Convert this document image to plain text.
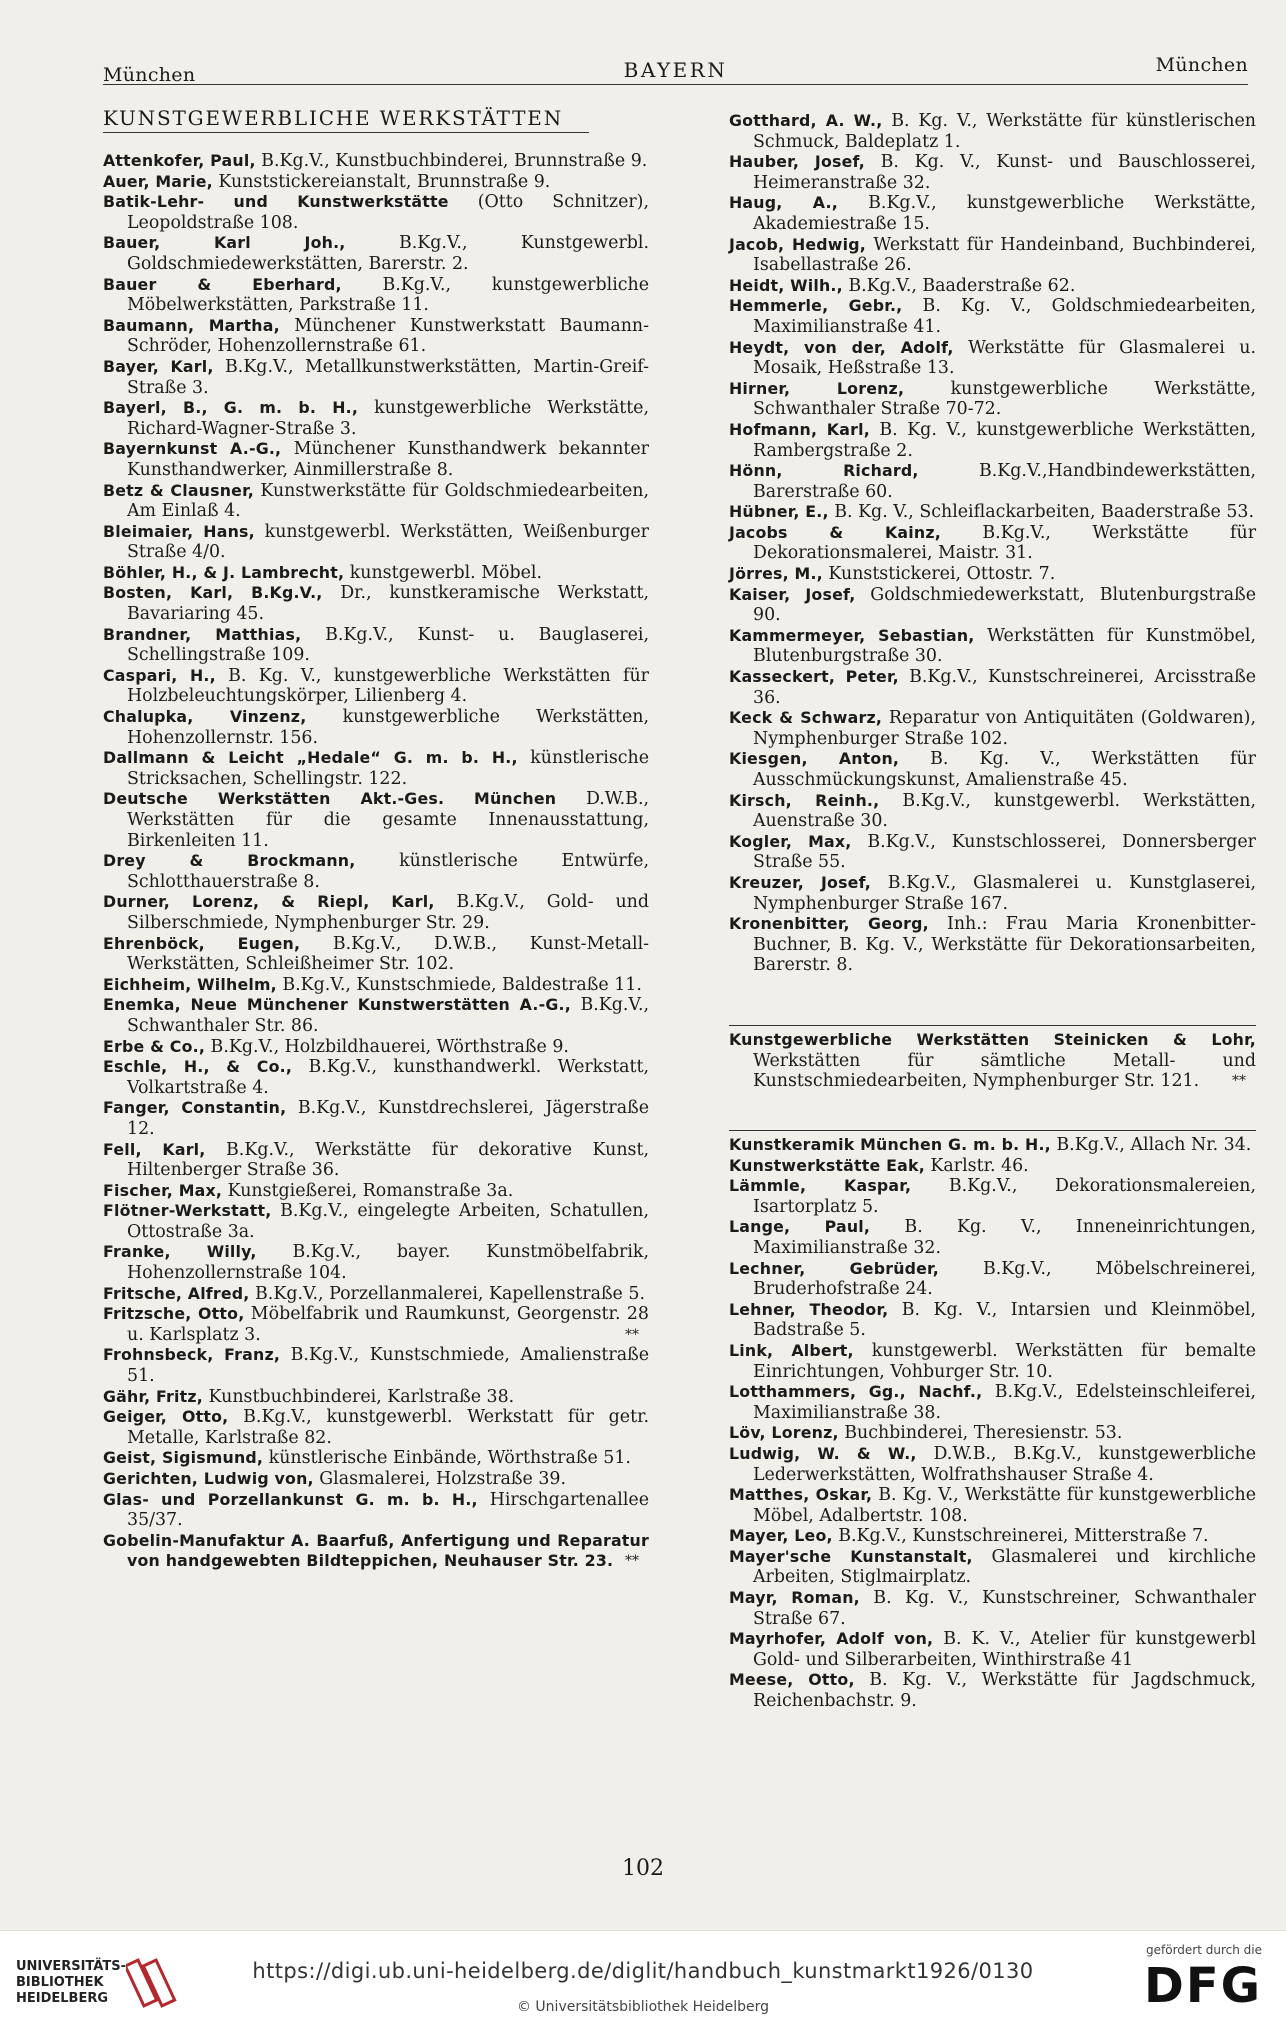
München	BAYERN	München
KUNSTGEWERBLICHE WERKSTÄTTEN
Attenkofer, Paul, B.Kg.V., Kunstbuchbinderei, Brunnstraße 9.
Auer, Marie, Kunststickereianstalt, Brunnstraße 9.
Batik-Lehr- und Kunstwerkstätte (Otto Schnitzer), Leopoldstraße 108.
Bauer, Karl Joh., B.Kg.V., Kunstgewerbl. Goldschmiedewerkstätten, Barerstr. 2.
Bauer & Eberhard, B.Kg.V., kunstgewerbliche Möbelwerkstätten, Parkstraße 11.
Baumann, Martha, Münchener Kunstwerkstatt Baumann-Schröder, Hohenzollernstraße 61.
Bayer, Karl, B.Kg.V., Metallkunstwerkstätten, Martin-Greif-Straße 3.
Bayerl, B., G. m. b. H., kunstgewerbliche Werkstätte, Richard-Wagner-Straße 3.
Bayernkunst A.-G., Münchener Kunsthandwerk bekannter Kunsthandwerker, Ainmillerstraße 8.
Betz & Clausner, Kunstwerkstätte für Goldschmiedearbeiten, Am Einlaß 4.
Bleimaier, Hans, kunstgewerbl. Werkstätten, Weißenburger Straße 4/0.
Böhler, H., & J. Lambrecht, kunstgewerbl. Möbel.
Bosten, Karl, B.Kg.V., Dr., kunstkeramische Werkstatt, Bavariaring 45.
Brandner, Matthias, B.Kg.V., Kunst- u. Bauglaserei, Schellingstraße 109.
Caspari, H., B. Kg. V., kunstgewerbliche Werkstätten für Holzbeleuchtungskörper, Lilienberg 4.
Chalupka, Vinzenz, kunstgewerbliche Werkstätten, Hohenzollernstr. 156.
Dallmann & Leicht „Hedale“ G. m. b. H., künstlerische Stricksachen, Schellingstr. 122.
Deutsche Werkstätten Akt.-Ges. München D.W.B., Werkstätten für die gesamte Innenausstattung, Birkenleiten 11.
Drey & Brockmann, künstlerische Entwürfe, Schlotthauerstraße 8.
Durner, Lorenz, & Riepl, Karl, B.Kg.V., Gold- und Silberschmiede, Nymphenburger Str. 29.
Ehrenböck, Eugen, B.Kg.V., D.W.B., Kunst-Metall-Werkstätten, Schleißheimer Str. 102.
Eichheim, Wilhelm, B.Kg.V., Kunstschmiede, Baldestraße 11.
Enemka, Neue Münchener Kunstwerstätten A.-G., B.Kg.V., Schwanthaler Str. 86.
Erbe & Co., B.Kg.V., Holzbildhauerei, Wörthstraße 9.
Eschle, H., & Co., B.Kg.V., kunsthandwerkl. Werkstatt, Volkartstraße 4.
Fanger, Constantin, B.Kg.V., Kunstdrechslerei, Jägerstraße 12.
Fell, Karl, B.Kg.V., Werkstätte für dekorative Kunst, Hiltenberger Straße 36.
Fischer, Max, Kunstgießerei, Romanstraße 3a.
Flötner-Werkstatt, B.Kg.V., eingelegte Arbeiten, Schatullen, Ottostraße 3a.
Franke, Willy, B.Kg.V., bayer. Kunstmöbelfabrik, Hohenzollernstraße 104.
Fritsche, Alfred, B.Kg.V., Porzellanmalerei, Kapellenstraße 5.
Fritzsche, Otto, Möbelfabrik und Raumkunst, Georgenstr. 28 u. Karlsplatz 3.	**
Frohnsbeck, Franz, B.Kg.V., Kunstschmiede, Amalienstraße 51.
Gähr, Fritz, Kunstbuchbinderei, Karlstraße 38.
Geiger, Otto, B.Kg.V., kunstgewerbl. Werkstatt für getr. Metalle, Karlstraße 82.
Geist, Sigismund, künstlerische Einbände, Wörthstraße 51.
Gerichten, Ludwig von, Glasmalerei, Holzstraße 39.
Glas- und Porzellankunst G. m. b. H., Hirschgartenallee 35/37.
Gobelin-Manufaktur A. Baarfuß, Anfertigung und Reparatur von handgewebten Bildteppichen, Neuhauser Str. 23. **
Gotthard, A. W., B. Kg. V., Werkstätte für künstlerischen Schmuck, Baldeplatz 1.
Hauber, Josef, B. Kg. V., Kunst- und Bauschlosserei, Heimeranstraße 32.
Haug, A., B.Kg.V., kunstgewerbliche Werkstätte, Akademiestraße 15.
Jacob, Hedwig, Werkstatt für Handeinband, Buchbinderei, Isabellastraße 26.
Heidt, Wilh., B.Kg.V., Baaderstraße 62.
Hemmerle, Gebr., B. Kg. V., Goldschmiedearbeiten, Maximilianstraße 41.
Heydt, von der, Adolf, Werkstätte für Glasmalerei u. Mosaik, Heßstraße 13.
Hirner, Lorenz, kunstgewerbliche Werkstätte, Schwanthaler Straße 70-72.
Hofmann, Karl, B. Kg. V., kunstgewerbliche Werkstätten, Rambergstraße 2.
Hönn, Richard, B.Kg.V.,Handbindewerkstätten, Barerstraße 60.
Hübner, E., B. Kg. V., Schleiflackarbeiten, Baaderstraße 53.
Jacobs & Kainz, B.Kg.V., Werkstätte für Dekorationsmalerei, Maistr. 31.
Jörres, M., Kunststickerei, Ottostr. 7.
Kaiser, Josef, Goldschmiedewerkstatt, Blutenburgstraße 90.
Kammermeyer, Sebastian, Werkstätten für Kunstmöbel, Blutenburgstraße 30.
Kasseckert, Peter, B.Kg.V., Kunstschreinerei, Arcisstraße 36.
Keck & Schwarz, Reparatur von Antiquitäten (Goldwaren), Nymphenburger Straße 102.
Kiesgen, Anton, B. Kg. V., Werkstätten für Ausschmückungskunst, Amalienstraße 45.
Kirsch, Reinh., B.Kg.V., kunstgewerbl. Werkstätten, Auenstraße 30.
Kogler, Max, B.Kg.V., Kunstschlosserei, Donnersberger Straße 55.
Kreuzer, Josef, B.Kg.V., Glasmalerei u. Kunstglaserei, Nymphenburger Straße 167.
Kronenbitter, Georg, Inh.: Frau Maria Kronenbitter-Buchner, B. Kg. V., Werkstätte für Dekorationsarbeiten, Barerstr. 8.
Kunstgewerbliche Werkstätten Steinicken & Lohr, Werkstätten für sämtliche Metall- und Kunstschmiedearbeiten, Nymphenburger Str. 121. **
Kunstkeramik München G. m. b. H., B.Kg.V., Allach Nr. 34.
Kunstwerkstätte Eak, Karlstr. 46.
Lämmle, Kaspar, B.Kg.V., Dekorationsmalereien, Isartorplatz 5.
Lange, Paul, B. Kg. V., Inneneinrichtungen, Maximilianstraße 32.
Lechner, Gebrüder, B.Kg.V., Möbelschreinerei, Bruderhofstraße 24.
Lehner, Theodor, B. Kg. V., Intarsien und Kleinmöbel, Badstraße 5.
Link, Albert, kunstgewerbl. Werkstätten für bemalte Einrichtungen, Vohburger Str. 10.
Lotthammers, Gg., Nachf., B.Kg.V., Edelsteinschleiferei, Maximilianstraße 38.
Löv, Lorenz, Buchbinderei, Theresienstr. 53.
Ludwig, W. & W., D.W.B., B.Kg.V., kunstgewerbliche Lederwerkstätten, Wolfrathshauser Straße 4.
Matthes, Oskar, B. Kg. V., Werkstätte für kunstgewerbliche Möbel, Adalbertstr. 108.
Mayer, Leo, B.Kg.V., Kunstschreinerei, Mitterstraße 7.
Mayer'sche Kunstanstalt, Glasmalerei und kirchliche Arbeiten, Stiglmairplatz.
Mayr, Roman, B. Kg. V., Kunstschreiner, Schwanthaler Straße 67.
Mayrhofer, Adolf von, B. K. V., Atelier für kunstgewerbl Gold- und Silberarbeiten, Winthirstraße 41
Meese, Otto, B. Kg. V., Werkstätte für Jagdschmuck, Reichenbachstr. 9.
102
UNIVERSITÄTS-
BIBLIOTHEK
HEIDELBERG
https://digi.ub.uni-heidelberg.de/diglit/handbuch_kunstmarkt1926/0130
© Universitätsbibliothek Heidelberg
gefördert durch die
DFG
